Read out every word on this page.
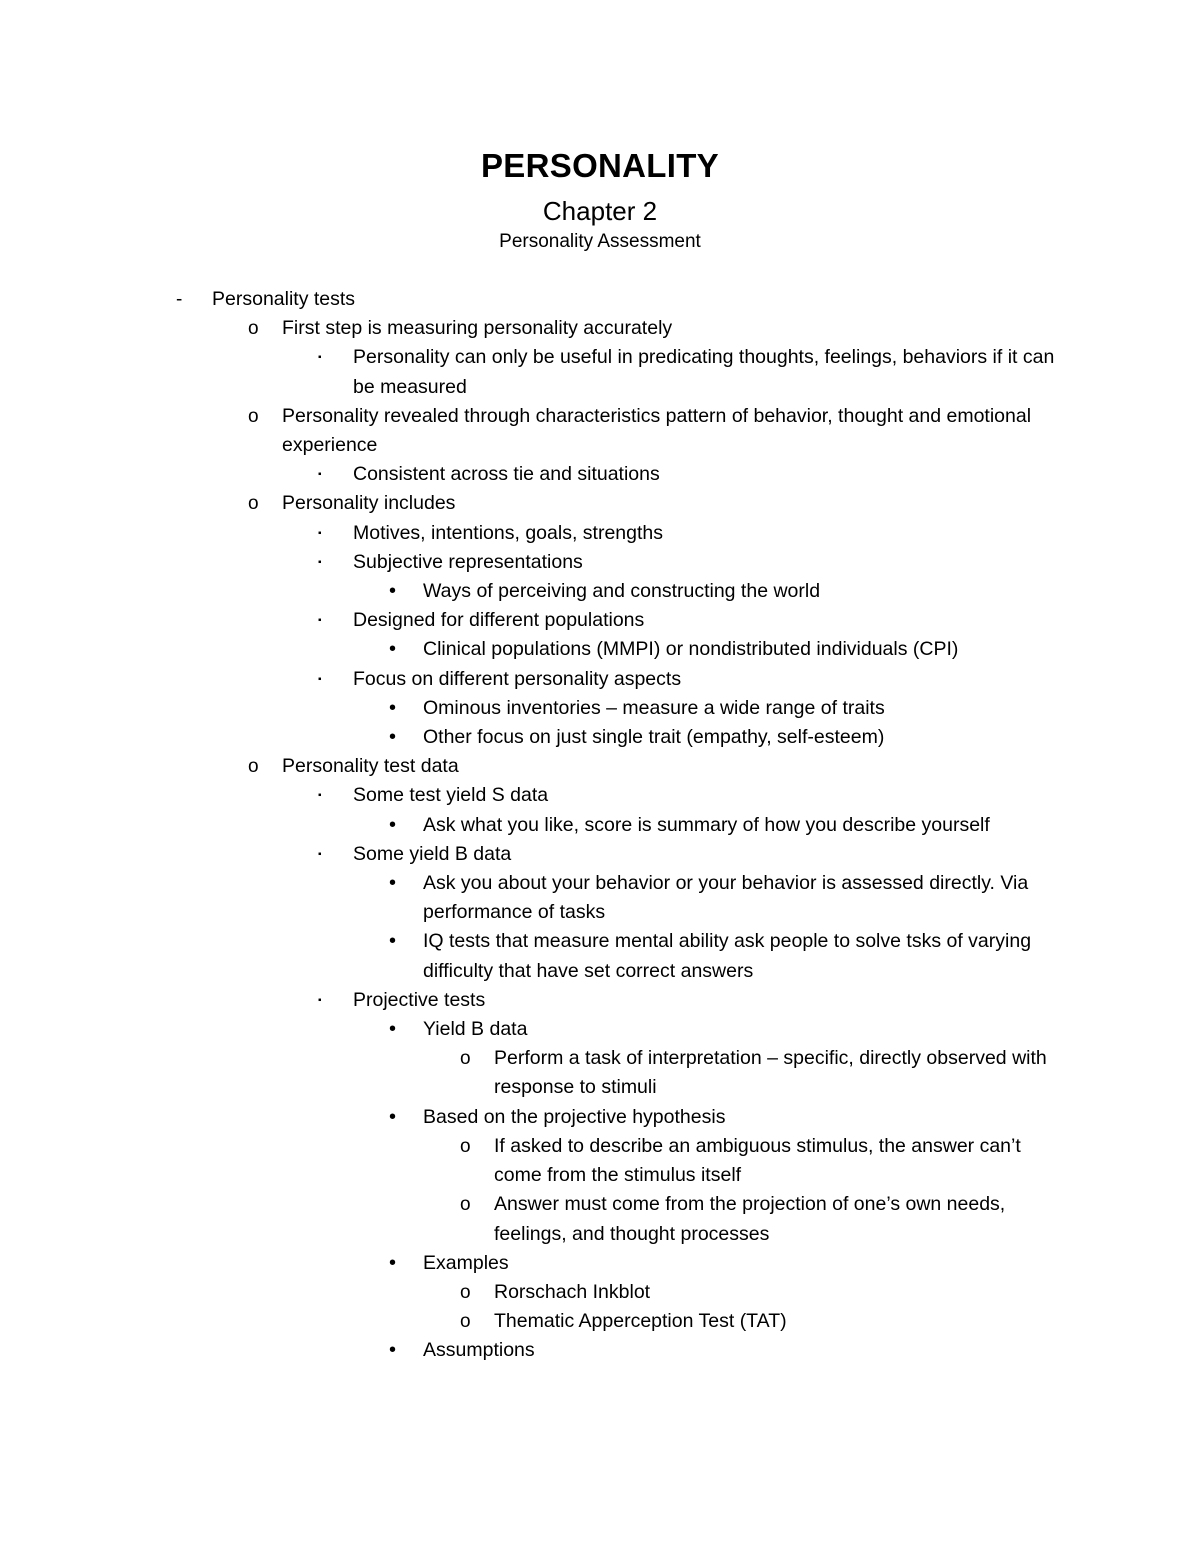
PERSONALITY
Chapter 2
Personality Assessment
-	Personality tests
o	First step is measuring personality accurately
▪	Personality can only be useful in predicating thoughts, feelings, behaviors if it can be measured
o	Personality revealed through characteristics pattern of behavior, thought and emotional experience
▪	Consistent across tie and situations
o	Personality includes
▪	Motives, intentions, goals, strengths
▪	Subjective representations
•	Ways of perceiving and constructing the world
▪	Designed for different populations
•	Clinical populations (MMPI) or nondistributed individuals (CPI)
▪	Focus on different personality aspects
•	Ominous inventories – measure a wide range of traits
•	Other focus on just single trait (empathy, self-esteem)
o	Personality test data
▪	Some test yield S data
•	Ask what you like, score is summary of how you describe yourself
▪	Some yield B data
•	Ask you about your behavior or your behavior is assessed directly. Via performance of tasks
•	IQ tests that measure mental ability ask people to solve tsks of varying difficulty that have set correct answers
▪	Projective tests
•	Yield B data
o	Perform a task of interpretation – specific, directly observed with response to stimuli
•	Based on the projective hypothesis
o	If asked to describe an ambiguous stimulus, the answer can’t come from the stimulus itself
o	Answer must come from the projection of one’s own needs, feelings, and thought processes
•	Examples
o	Rorschach Inkblot
o	Thematic Apperception Test (TAT)
•	Assumptions
